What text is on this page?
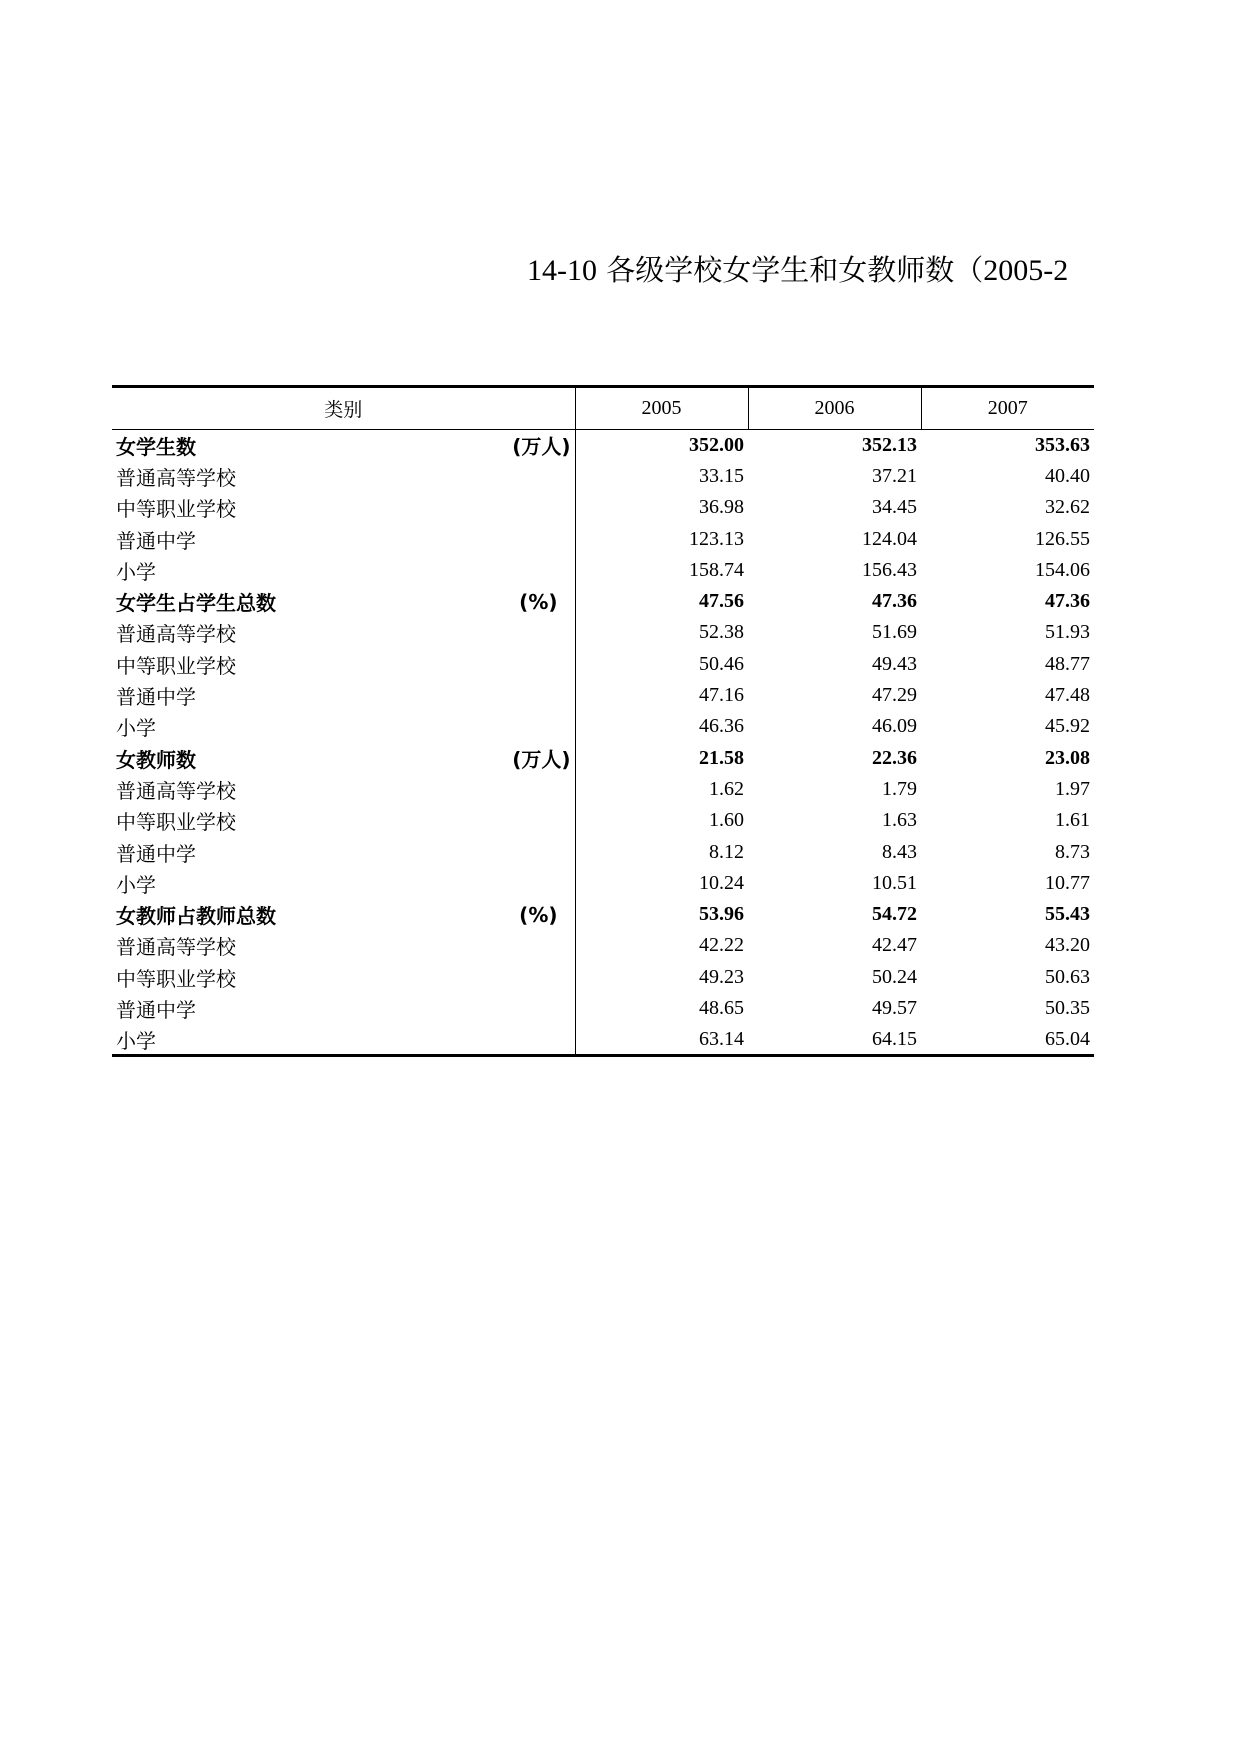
14-10 各级学校女学生和女教师数（2005-2
类别	2005	2006	2007
女学生数 (万人)	352.00	352.13	353.63
普通高等学校	33.15	37.21	40.40
中等职业学校	36.98	34.45	32.62
普通中学	123.13	124.04	126.55
小学	158.74	156.43	154.06
女学生占学生总数 (%)	47.56	47.36	47.36
普通高等学校	52.38	51.69	51.93
中等职业学校	50.46	49.43	48.77
普通中学	47.16	47.29	47.48
小学	46.36	46.09	45.92
女教师数 (万人)	21.58	22.36	23.08
普通高等学校	1.62	1.79	1.97
中等职业学校	1.60	1.63	1.61
普通中学	8.12	8.43	8.73
小学	10.24	10.51	10.77
女教师占教师总数 (%)	53.96	54.72	55.43
普通高等学校	42.22	42.47	43.20
中等职业学校	49.23	50.24	50.63
普通中学	48.65	49.57	50.35
小学	63.14	64.15	65.04
